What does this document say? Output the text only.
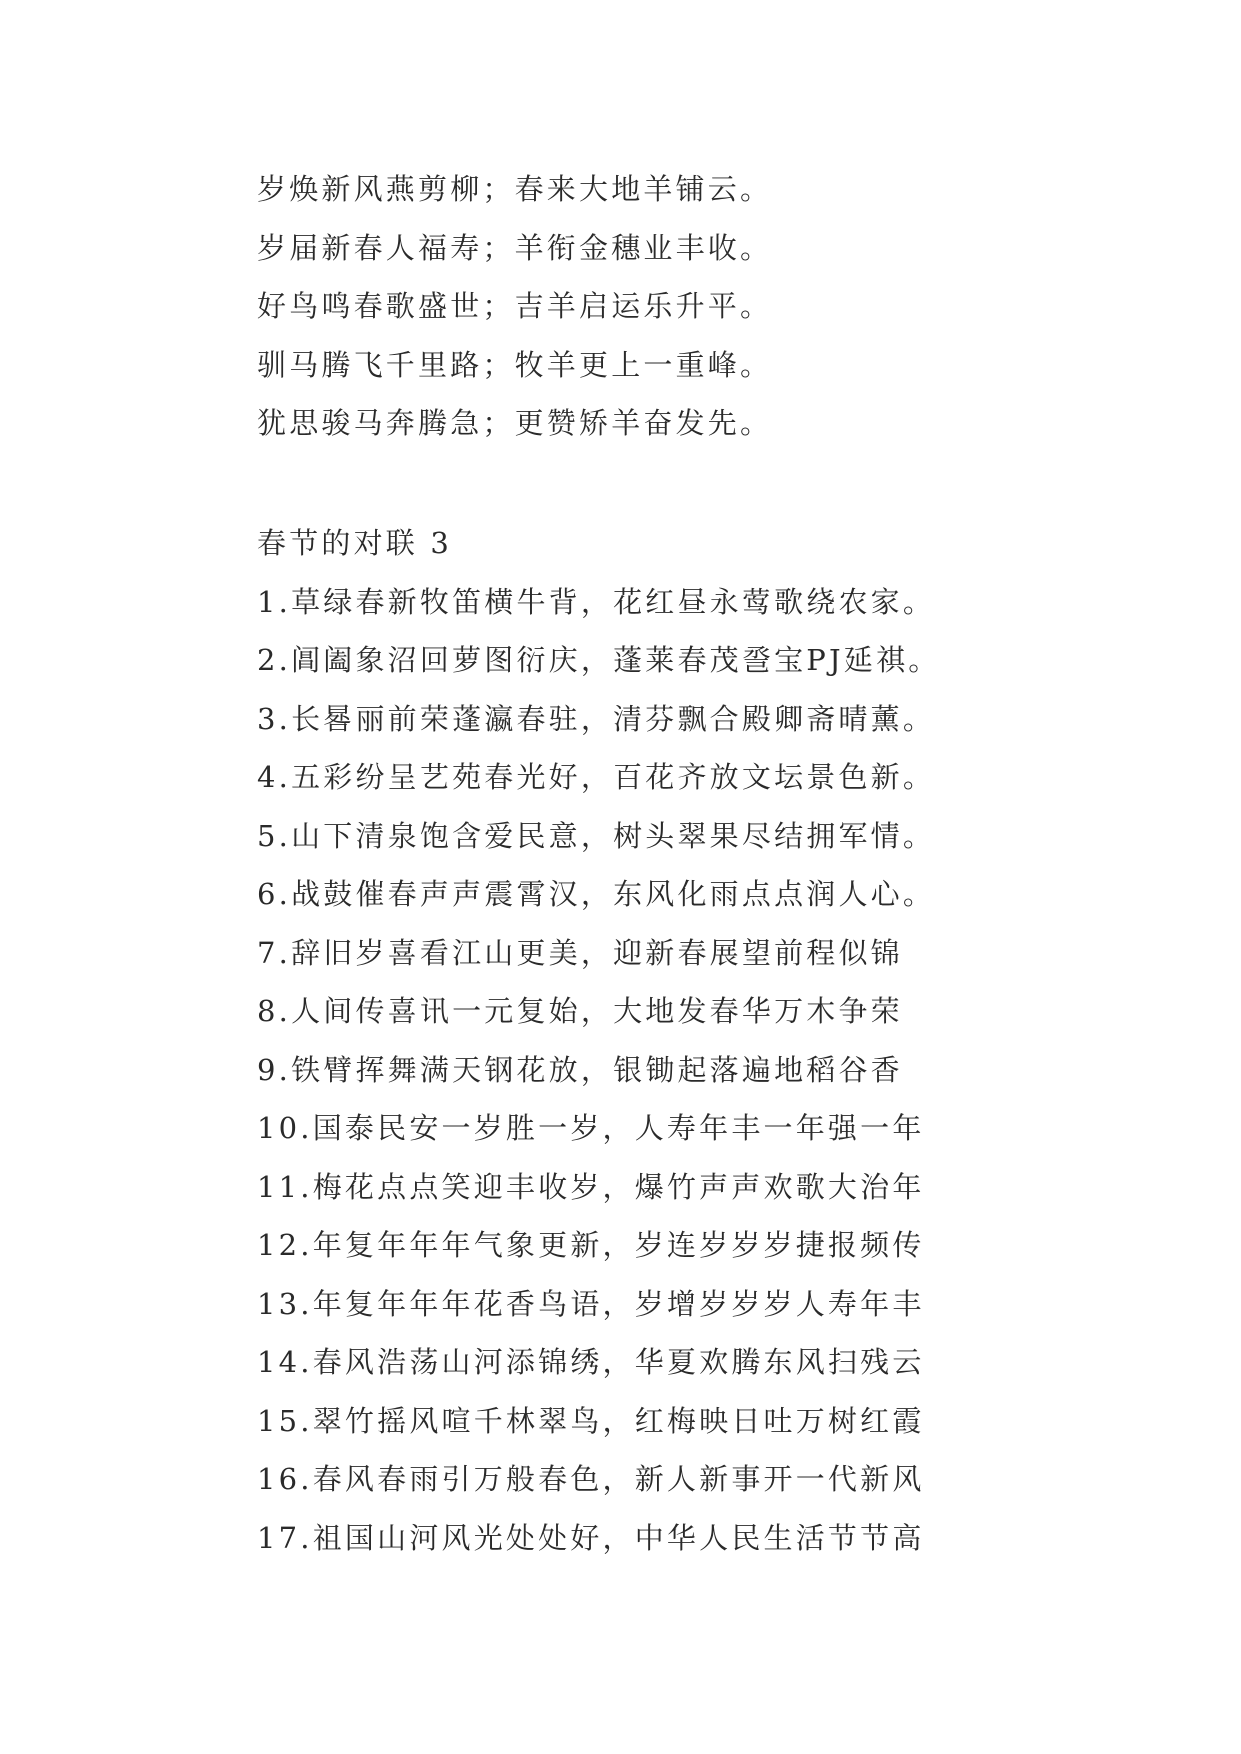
岁焕新风燕剪柳；春来大地羊铺云。

岁届新春人福寿；羊衔金穗业丰收。

好鸟鸣春歌盛世；吉羊启运乐升平。

驯马腾飞千里路；牧羊更上一重峰。

犹思骏马奔腾急；更赞矫羊奋发先。

春节的对联 3

1.草绿春新牧笛横牛背，花红昼永莺歌绕农家。

2.阊阖象沼回萝图衍庆，蓬莱春茂巹宝PJ延祺。

3.长晷丽前荣蓬瀛春驻，清芬飘合殿卿斋晴薰。

4.五彩纷呈艺苑春光好，百花齐放文坛景色新。

5.山下清泉饱含爱民意，树头翠果尽结拥军情。

6.战鼓催春声声震霄汉，东风化雨点点润人心。

7.辞旧岁喜看江山更美，迎新春展望前程似锦

8.人间传喜讯一元复始，大地发春华万木争荣

9.铁臂挥舞满天钢花放，银锄起落遍地稻谷香

10.国泰民安一岁胜一岁，人寿年丰一年强一年

11.梅花点点笑迎丰收岁，爆竹声声欢歌大治年

12.年复年年年气象更新，岁连岁岁岁捷报频传

13.年复年年年花香鸟语，岁增岁岁岁人寿年丰

14.春风浩荡山河添锦绣，华夏欢腾东风扫残云

15.翠竹摇风喧千林翠鸟，红梅映日吐万树红霞

16.春风春雨引万般春色，新人新事开一代新风

17.祖国山河风光处处好，中华人民生活节节高
